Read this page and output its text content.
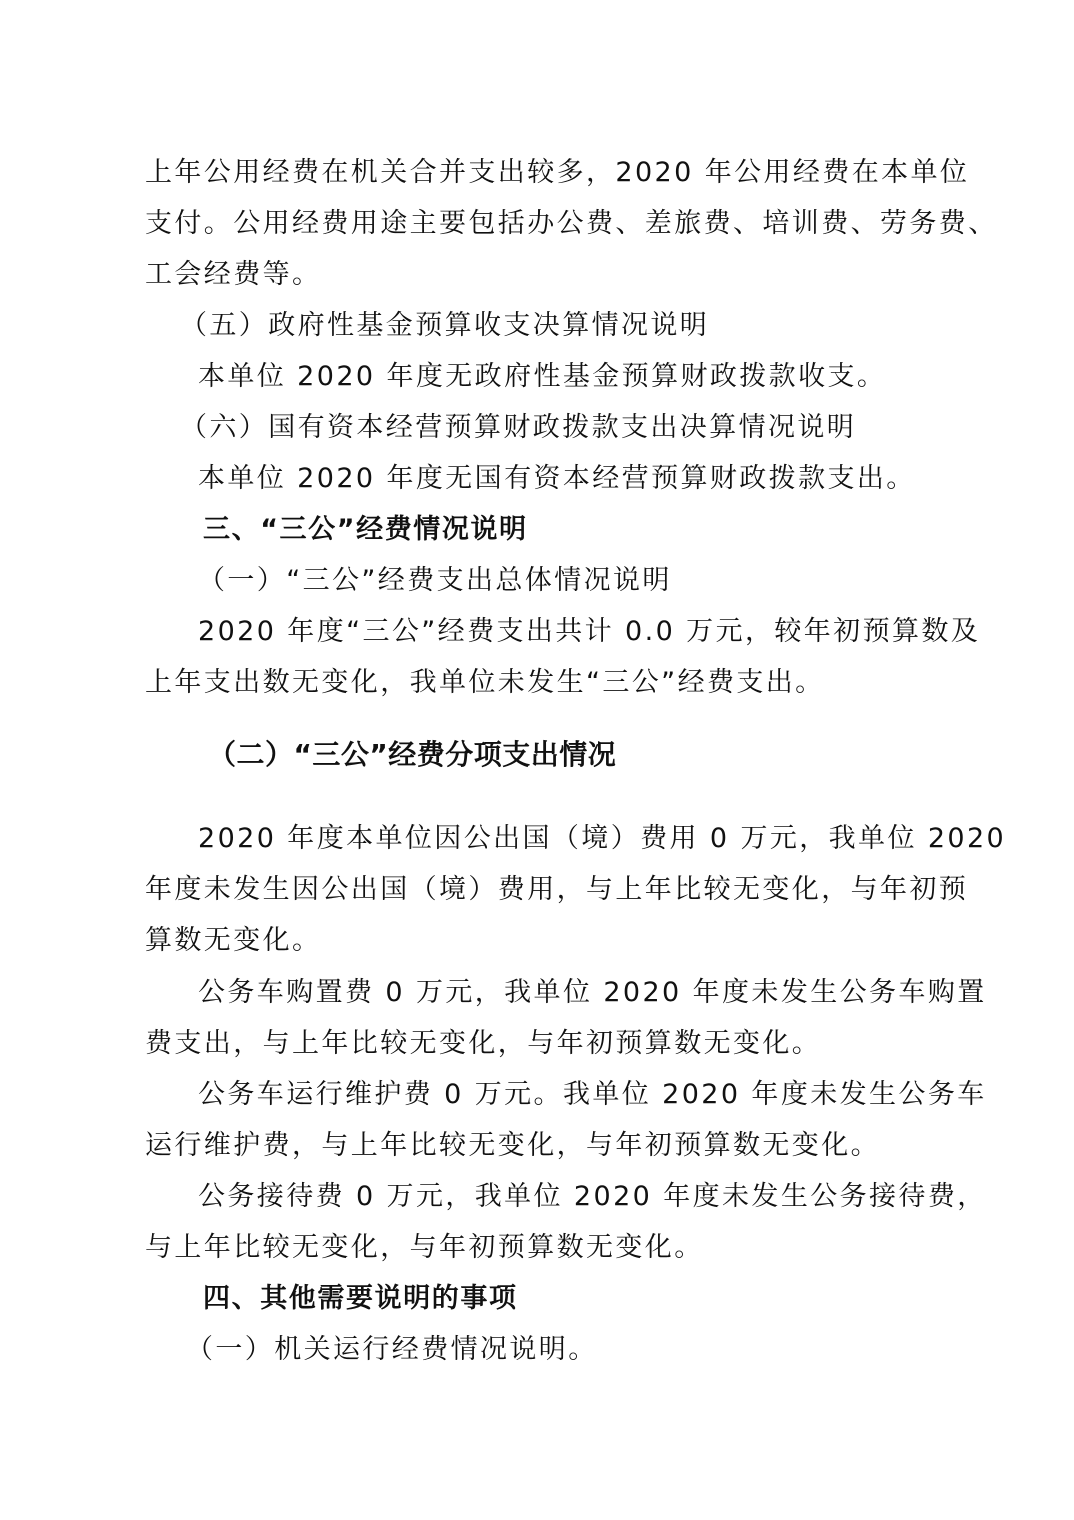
上年公用经费在机关合并支出较多，2020 年公用经费在本单位
支付。公用经费用途主要包括办公费、差旅费、培训费、劳务费、
工会经费等。
（五）政府性基金预算收支决算情况说明
本单位 2020 年度无政府性基金预算财政拨款收支。
（六）国有资本经营预算财政拨款支出决算情况说明
本单位 2020 年度无国有资本经营预算财政拨款支出。
三、“三公”经费情况说明
（一）“三公”经费支出总体情况说明
2020 年度“三公”经费支出共计 0.0 万元，较年初预算数及
上年支出数无变化，我单位未发生“三公”经费支出。
（二）“三公”经费分项支出情况
2020 年度本单位因公出国（境）费用 0 万元，我单位 2020
年度未发生因公出国（境）费用，与上年比较无变化，与年初预
算数无变化。
公务车购置费 0 万元，我单位 2020 年度未发生公务车购置
费支出，与上年比较无变化，与年初预算数无变化。
公务车运行维护费 0 万元。我单位 2020 年度未发生公务车
运行维护费，与上年比较无变化，与年初预算数无变化。
公务接待费 0 万元，我单位 2020 年度未发生公务接待费，
与上年比较无变化，与年初预算数无变化。
四、其他需要说明的事项
（一）机关运行经费情况说明。
